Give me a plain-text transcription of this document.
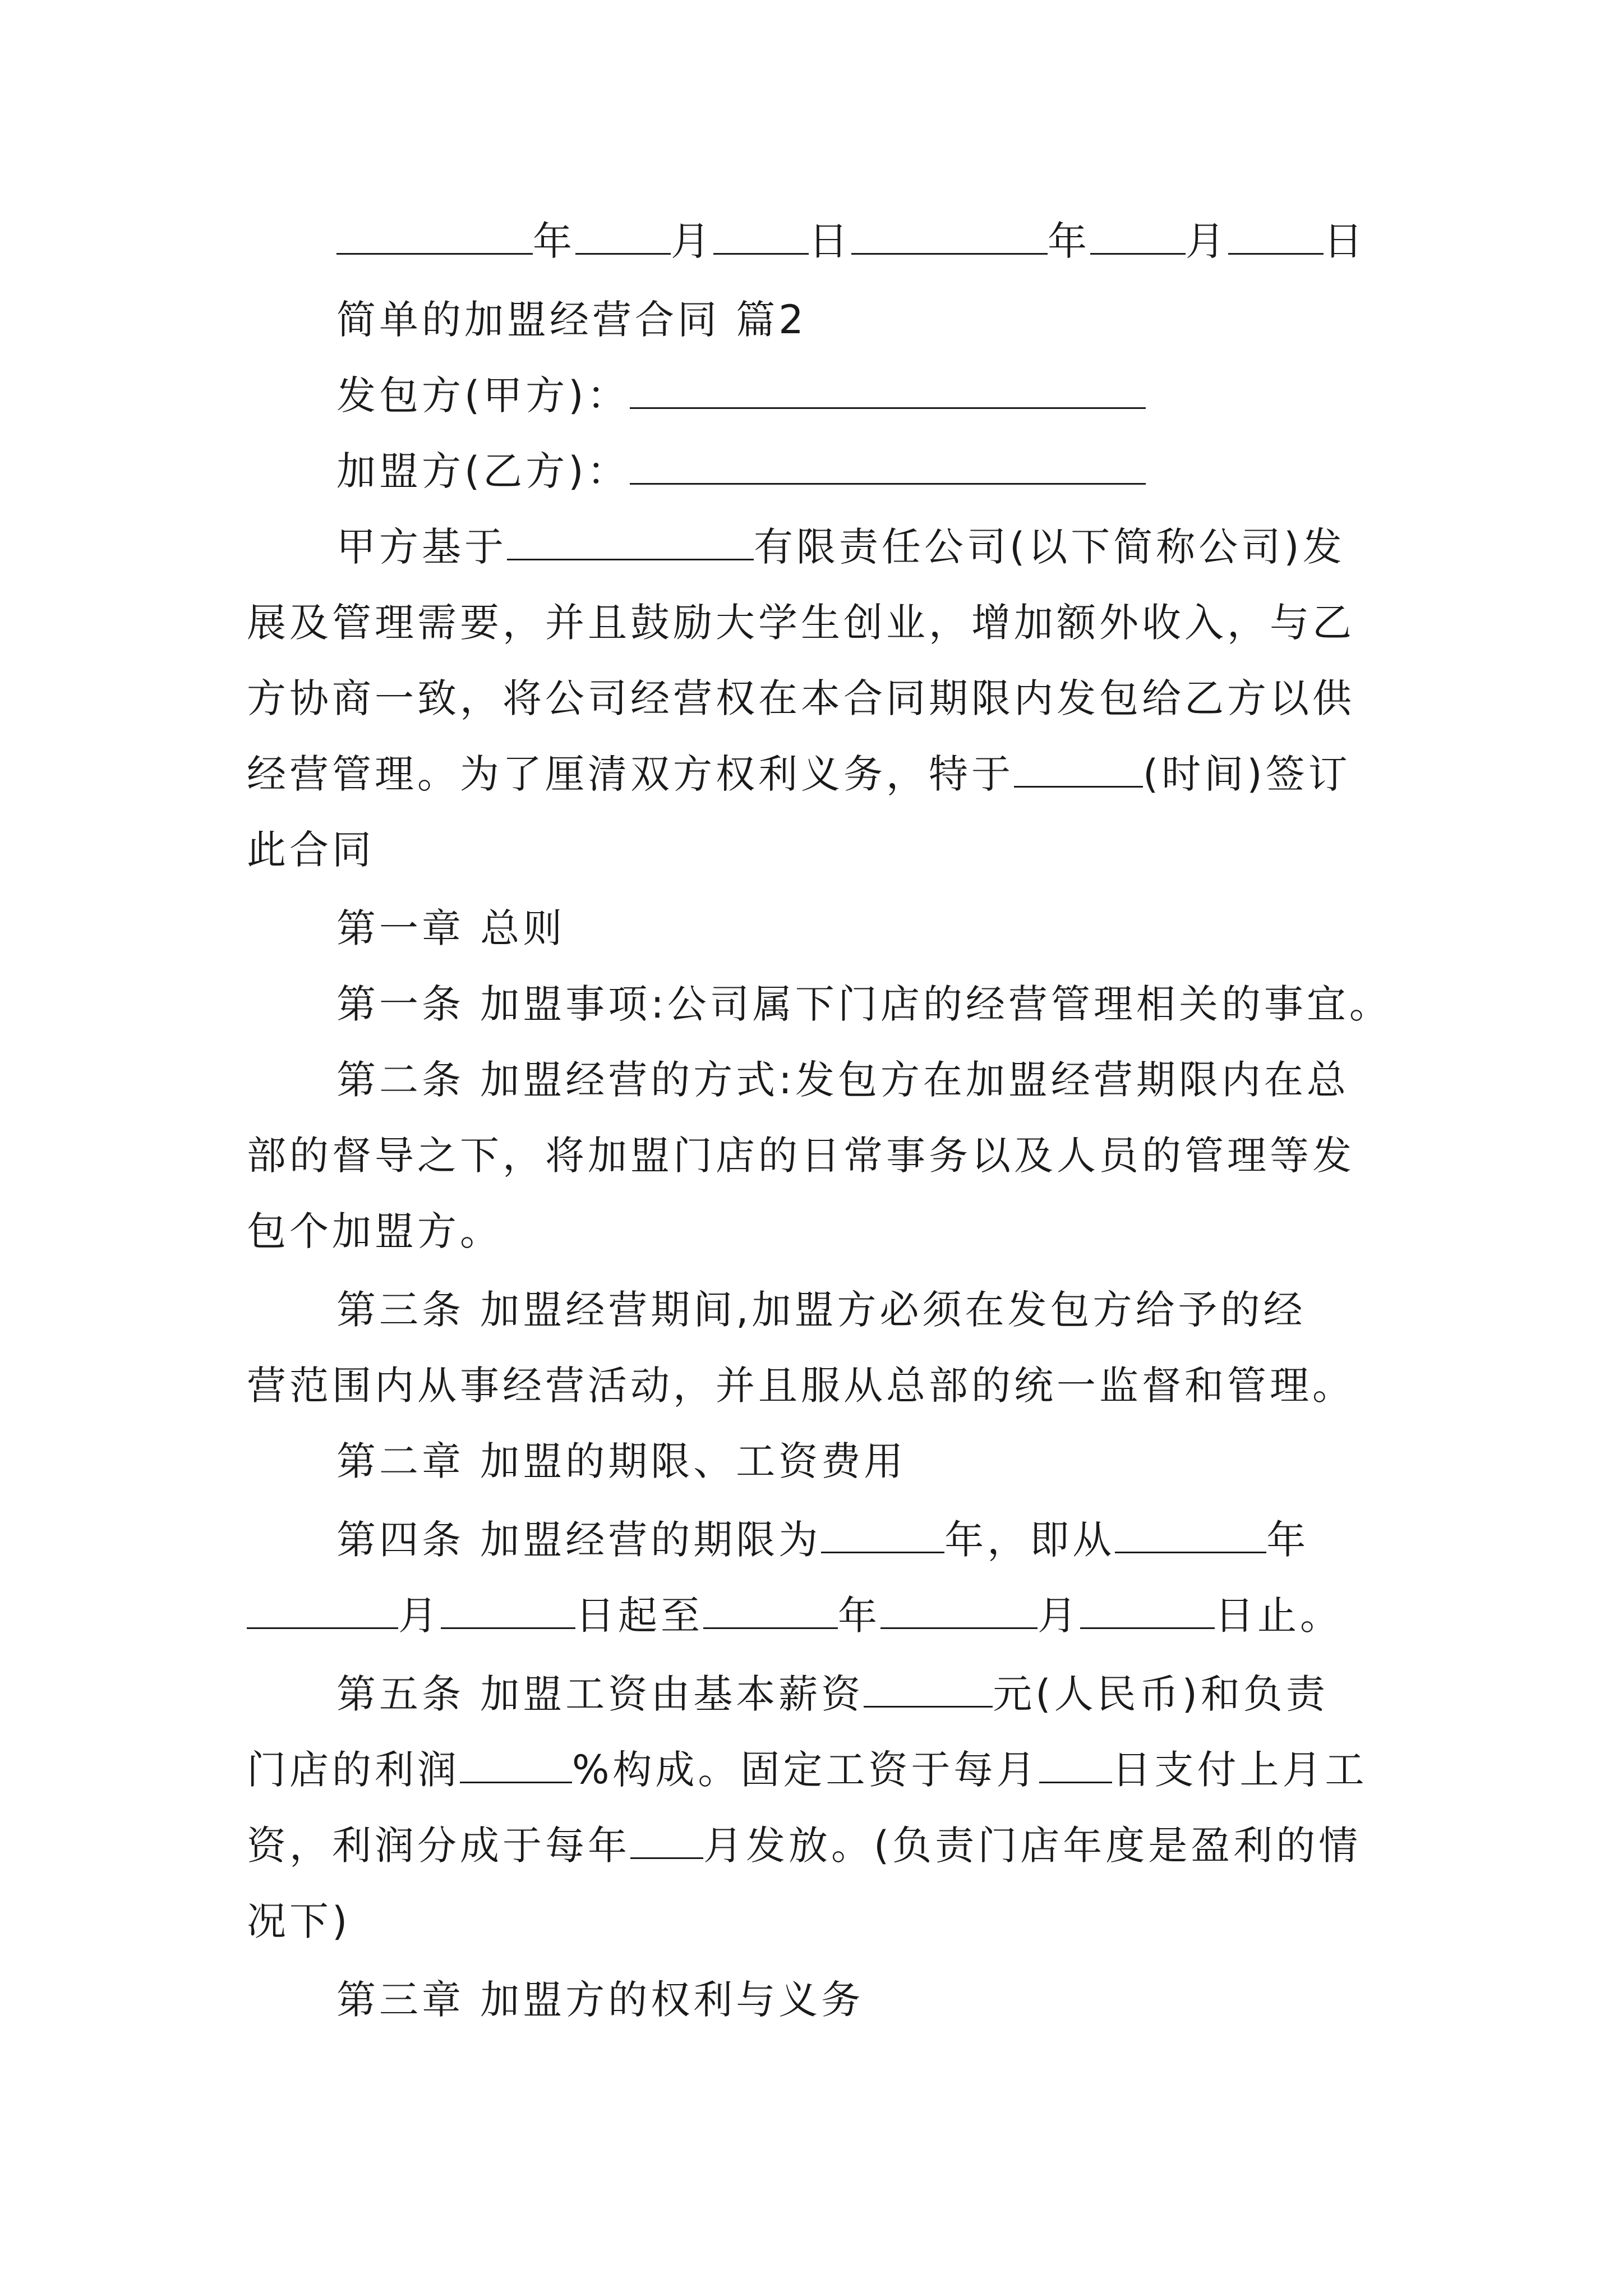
年 月 日	年 月 日
简单的加盟经营合同 篇2
发包方(甲方)：
加盟方(乙方)：
甲方基于	有限责任公司(以下简称公司)发
展及管理需要，并且鼓励大学生创业，增加额外收入，与乙
方协商一致，将公司经营权在本合同期限内发包给乙方以供
经营管理。为了厘清双方权利义务，特于	(时间)签订
此合同
第一章 总则
第一条 加盟事项:公司属下门店的经营管理相关的事宜。
第二条 加盟经营的方式:发包方在加盟经营期限内在总
部的督导之下，将加盟门店的日常事务以及人员的管理等发
包个加盟方。
第三条 加盟经营期间,加盟方必须在发包方给予的经
营范围内从事经营活动，并且服从总部的统一监督和管理。
第二章 加盟的期限、工资费用
第四条 加盟经营的期限为	年，即从	年
月	日起至	年	月	日止。
第五条 加盟工资由基本薪资	元(人民币)和负责
门店的利润	%构成。固定工资于每月 日支付上月工
资，利润分成于每年 月发放。(负责门店年度是盈利的情
况下)
第三章 加盟方的权利与义务
